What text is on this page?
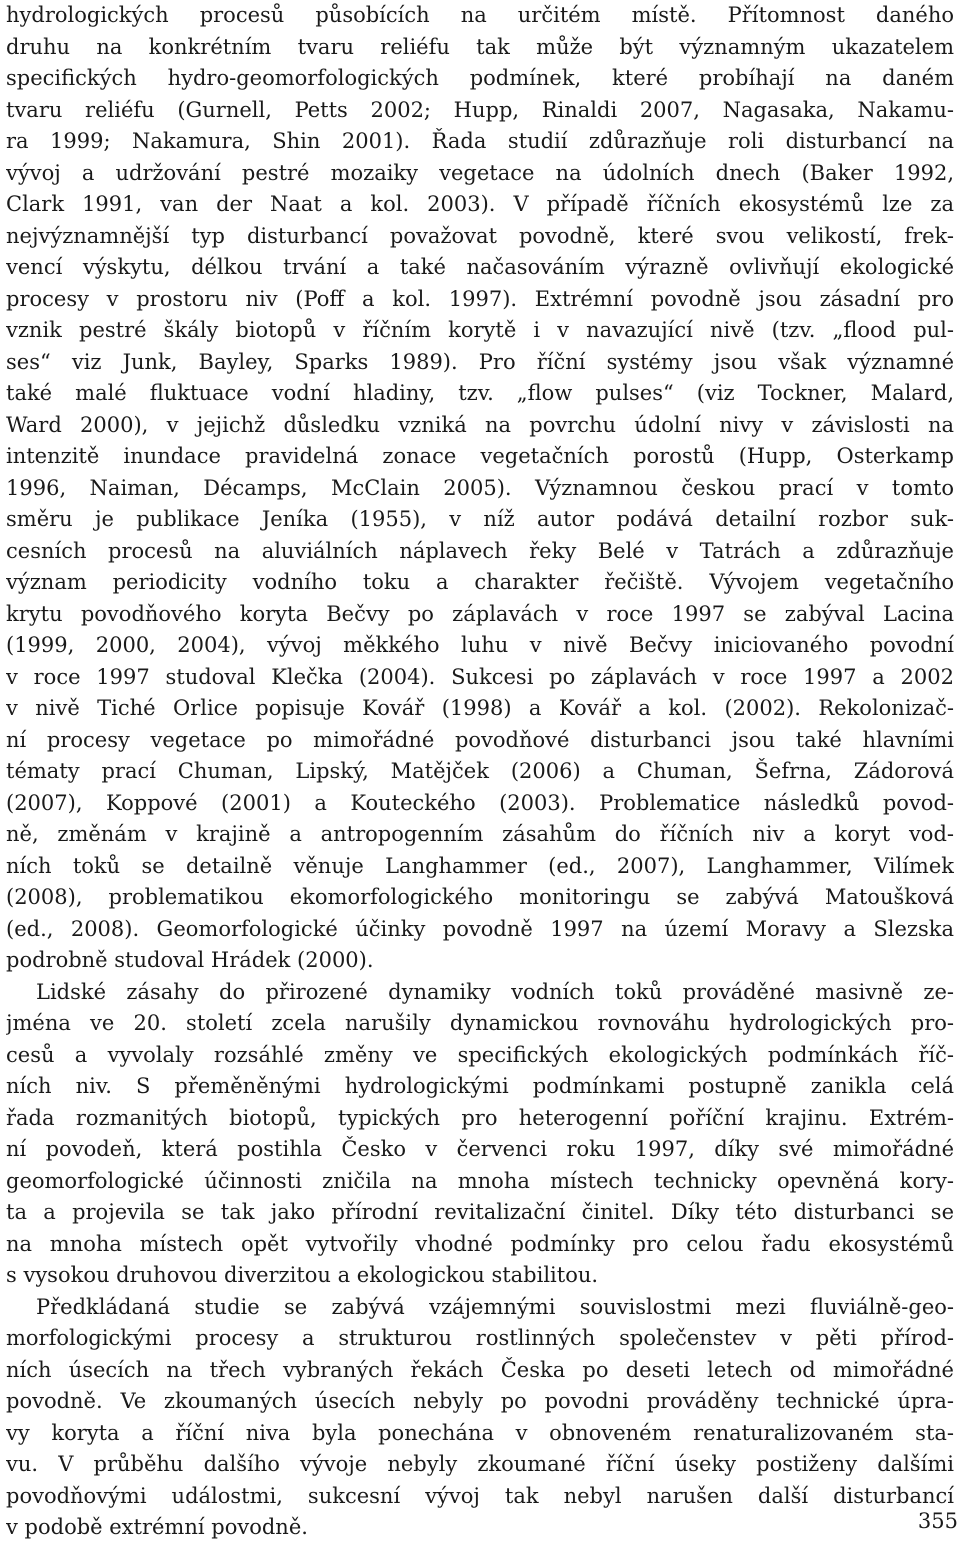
hydrologických procesů působících na určitém místě. Přítomnost daného
druhu na konkrétním tvaru reliéfu tak může být významným ukazatelem
specifických hydro-geomorfologických podmínek, které probíhají na daném
tvaru reliéfu (Gurnell, Petts 2002; Hupp, Rinaldi 2007, Nagasaka, Nakamu-
ra 1999; Nakamura, Shin 2001). Řada studií zdůrazňuje roli disturbancí na
vývoj a udržování pestré mozaiky vegetace na údolních dnech (Baker 1992,
Clark 1991, van der Naat a kol. 2003). V případě říčních ekosystémů lze za
nejvýznamnější typ disturbancí považovat povodně, které svou velikostí, frek-
vencí výskytu, délkou trvání a také načasováním výrazně ovlivňují ekologické
procesy v prostoru niv (Poff a kol. 1997). Extrémní povodně jsou zásadní pro
vznik pestré škály biotopů v říčním korytě i v navazující nivě (tzv. „flood pul-
ses“ viz Junk, Bayley, Sparks 1989). Pro říční systémy jsou však významné
také malé fluktuace vodní hladiny, tzv. „flow pulses“ (viz Tockner, Malard,
Ward 2000), v jejichž důsledku vzniká na povrchu údolní nivy v závislosti na
intenzitě inundace pravidelná zonace vegetačních porostů (Hupp, Osterkamp
1996, Naiman, Décamps, McClain 2005). Významnou českou prací v tomto
směru je publikace Jeníka (1955), v níž autor podává detailní rozbor suk-
cesních procesů na aluviálních náplavech řeky Belé v Tatrách a zdůrazňuje
význam periodicity vodního toku a charakter řečiště. Vývojem vegetačního
krytu povodňového koryta Bečvy po záplavách v roce 1997 se zabýval Lacina
(1999, 2000, 2004), vývoj měkkého luhu v nivě Bečvy iniciovaného povodní
v roce 1997 studoval Klečka (2004). Sukcesi po záplavách v roce 1997 a 2002
v nivě Tiché Orlice popisuje Kovář (1998) a Kovář a kol. (2002). Rekolonizač-
ní procesy vegetace po mimořádné povodňové disturbanci jsou také hlavními
tématy prací Chuman, Lipský, Matějček (2006) a Chuman, Šefrna, Zádorová
(2007), Koppové (2001) a Kouteckého (2003). Problematice následků povod-
ně, změnám v krajině a antropogenním zásahům do říčních niv a koryt vod-
ních toků se detailně věnuje Langhammer (ed., 2007), Langhammer, Vilímek
(2008), problematikou ekomorfologického monitoringu se zabývá Matoušková
(ed., 2008). Geomorfologické účinky povodně 1997 na území Moravy a Slezska
podrobně studoval Hrádek (2000).
Lidské zásahy do přirozené dynamiky vodních toků prováděné masivně ze-
jména ve 20. století zcela narušily dynamickou rovnováhu hydrologických pro-
cesů a vyvolaly rozsáhlé změny ve specifických ekologických podmínkách říč-
ních niv. S přeměněnými hydrologickými podmínkami postupně zanikla celá
řada rozmanitých biotopů, typických pro heterogenní poříční krajinu. Extrém-
ní povodeň, která postihla Česko v červenci roku 1997, díky své mimořádné
geomorfologické účinnosti zničila na mnoha místech technicky opevněná kory-
ta a projevila se tak jako přírodní revitalizační činitel. Díky této disturbanci se
na mnoha místech opět vytvořily vhodné podmínky pro celou řadu ekosystémů
s vysokou druhovou diverzitou a ekologickou stabilitou.
Předkládaná studie se zabývá vzájemnými souvislostmi mezi fluviálně-geo-
morfologickými procesy a strukturou rostlinných společenstev v pěti přírod-
ních úsecích na třech vybraných řekách Česka po deseti letech od mimořádné
povodně. Ve zkoumaných úsecích nebyly po povodni prováděny technické úpra-
vy koryta a říční niva byla ponechána v obnoveném renaturalizovaném sta-
vu. V průběhu dalšího vývoje nebyly zkoumané říční úseky postiženy dalšími
povodňovými událostmi, sukcesní vývoj tak nebyl narušen další disturbancí
v podobě extrémní povodně.	355
